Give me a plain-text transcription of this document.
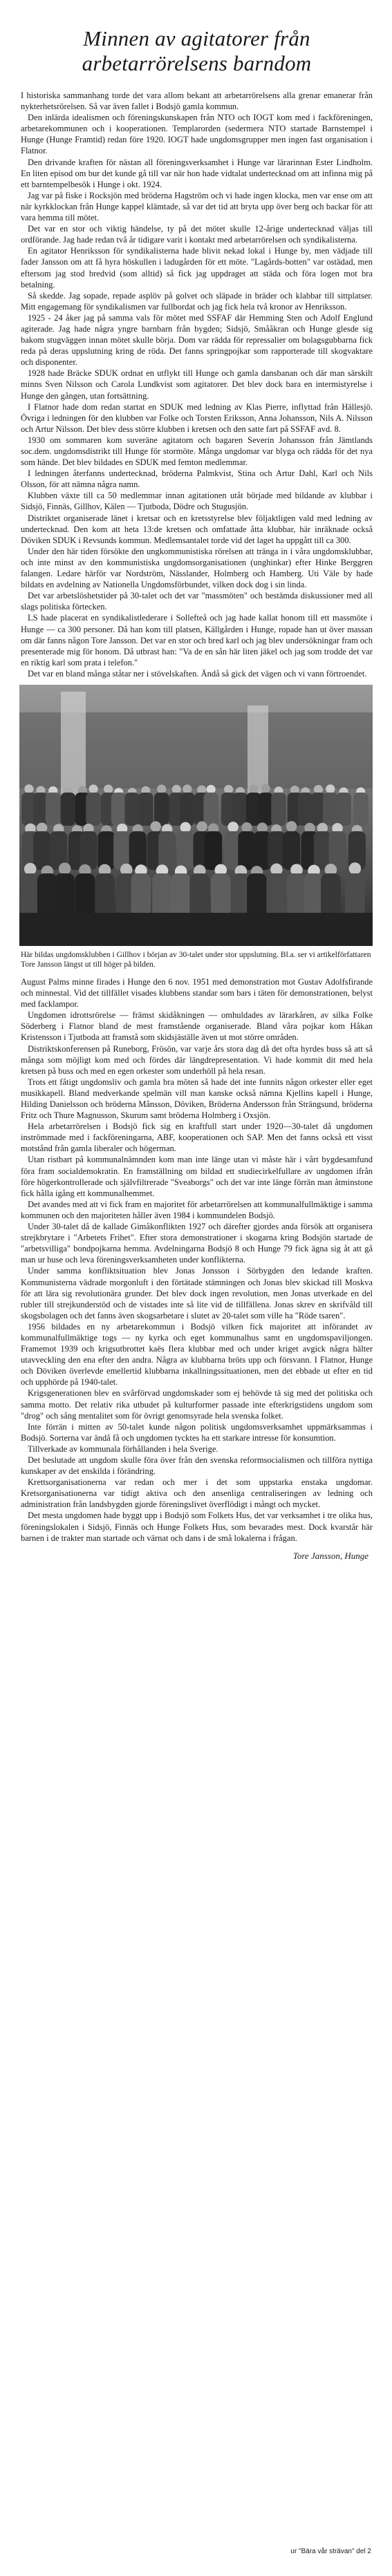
Minnen av agitatorer från
arbetarrörelsens barndom

I historiska sammanhang torde det vara allom bekant att arbetarrörelsens alla grenar emanerar från nykterhetsrörelsen. Så var även fallet i Bodsjö gamla kommun.

Den inlärda idealismen och föreningskunskapen från NTO och IOGT kom med i fackföreningen, arbetarekommunen och i kooperationen. Templarorden (sedermera NTO startade Barnstempel i Hunge (Hunge Framtid) redan före 1920. IOGT hade ungdomsgrupper men ingen fast organisation i Flatnor.

Den drivande kraften för nästan all föreningsverksamhet i Hunge var lärarinnan Ester Lindholm. En liten episod om bur det kunde gå till var när hon hade vidtalat undertecknad om att infinna mig på ett barntempelbesök i Hunge i okt. 1924.

Jag var på fiske i Rocksjön med bröderna Hagström och vi hade ingen klocka, men var ense om att när kyrkklockan från Hunge kappel klämtade, så var det tid att bryta upp över berg och backar för att vara hemma till mötet.

Det var en stor och viktig händelse, ty på det mötet skulle 12-årige undertecknad väljas till ordförande. Jag hade redan två år tidigare varit i kontakt med arbetarrörelsen och syndikalisterna.

En agitator Henriksson för syndikalisterna hade blivit nekad lokal i Hunge by, men vädjade till fader Jansson om att få hyra höskullen i ladugården för ett möte. "Lagårds-botten" var ostädad, men eftersom jag stod bredvid (som alltid) så fick jag uppdraget att städa och föra logen mot bra betalning.

Så skedde. Jag sopade, repade asplöv på golvet och släpade in bräder och klabbar till sittplatser. Mitt engagemang för syndikalismen var fullbordat och jag fick hela två kronor av Henriksson.

1925 - 24 åker jag på samma vals för mötet med SSFAF där Hemming Sten och Adolf Englund agiterade. Jag hade några yngre barnbarn från bygden; Sidsjö, Smååkran och Hunge glesde sig bakom stugväggen innan mötet skulle börja. Dom var rädda för repressalier om bolagsgubbarna fick reda på deras uppslutning kring de röda. Det fanns springpojkar som rapporterade till skogvaktare och disponenter.

1928 hade Bräcke SDUK ordnat en utflykt till Hunge och gamla dansbanan och där man särskilt minns Sven Nilsson och Carola Lundkvist som agitatorer. Det blev dock bara en intermistyrelse i Hunge den gången, utan fortsättning.

I Flatnor hade dom redan startat en SDUK med ledning av Klas Pierre, inflyttad från Hällesjö. Övriga i ledningen för den klubben var Folke och Torsten Eriksson, Anna Johansson, Nils A. Nilsson och Artur Nilsson. Det blev dess större klubben i kretsen och den satte fart på SSFAF avd. 8.

1930 om sommaren kom suveräne agitatorn och bagaren Severin Johansson från Jämtlands soc.dem. ungdomsdistrikt till Hunge för stormöte. Många ungdomar var blyga och rädda för det nya som hände. Det blev bildades en SDUK med femton medlemmar.

I ledningen återfanns undertecknad, bröderna Palmkvist, Stina och Artur Dahl, Karl och Nils Olsson, för att nämna några namn.

Klubben växte till ca 50 medlemmar innan agitationen utåt började med bildande av klubbar i Sidsjö, Finnäs, Gillhov, Kälen — Tjutboda, Dödre och Stugusjön.

Distriktet organiserade länet i kretsar och en kretsstyrelse blev följaktligen vald med ledning av undertecknad. Den kom att heta 13:de kretsen och omfattade åtta klubbar, här inräknade också Döviken SDUK i Revsunds kommun. Medlemsantalet torde vid det laget ha uppgått till ca 300.

Under den här tiden försökte den ungkommunistiska rörelsen att tränga in i våra ungdomsklubbar, och inte minst av den kommunistiska ungdomsorganisationen (unghinkar) efter Hinke Berggren falangen. Ledare härför var Nordström, Nässlander, Holmberg och Hamberg. Uti Väle by hade bildats en avdelning av Nationella Ungdomsförbundet, vilken dock dog i sin linda.

Det var arbetslöshetstider på 30-talet och det var "massmöten" och bestämda diskussioner med all slags politiska förtecken.

LS hade placerat en syndikalistlederare i Sollefteå och jag hade kallat honom till ett massmöte i Hunge — ca 300 personer. Då han kom till platsen, Källgården i Hunge, ropade han ut över massan om där fanns någon Tore Jansson. Det var en stor och bred karl och jag blev undersökningar fram och presenterade mig för honom. Då utbrast han: "Va de en sån här liten jäkel och jag som trodde det var en riktig karl som prata i telefon."

Det var en bland många ståtar ner i stövelskaften. Ändå så gick det vägen och vi vann förtroendet.

Här bildas ungdomsklubben i Gillhov i början av 30-talet under stor uppslutning. Bl.a. ser vi artikelförfattaren Tore Jansson längst ut till höger på bilden.

August Palms minne firades i Hunge den 6 nov. 1951 med demonstration mot Gustav Adolfsfirande och minnestal. Vid det tillfället visades klubbens standar som bars i täten för demonstrationen, belyst med facklampor.

Ungdomen idrottsrörelse — främst skidåkningen — omhuldades av lärarkåren, av silka Folke Söderberg i Flatnor bland de mest framstående organiserade. Bland våra pojkar kom Håkan Kristensson i Tjutboda att framstå som skidsjäställe även ut mot större områden.

Distriktskonferensen på Runeborg, Frösön, var varje års stora dag då det ofta hyrdes buss så att så många som möjligt kom med och fördes där längdrepresentation. Vi hade kommit dit med hela kretsen på buss och med en egen orkester som underhöll på hela resan.

Trots ett fåtigt ungdomsliv och gamla bra möten så hade det inte funnits någon orkester eller eget musikkapell. Bland medverkande spelmän vill man kanske också nämna Kjellins kapell i Hunge, Hilding Danielsson och bröderna Månsson, Döviken, Bröderna Andersson från Strängsund, bröderna Fritz och Thure Magnusson, Skurum samt bröderna Holmberg i Oxsjön.

Hela arbetarrörelsen i Bodsjö fick sig en kraftfull start under 1920—30-talet då ungdomen inströmmade med i fackföreningarna, ABF, kooperationen och SAP. Men det fanns också ett visst motstånd från gamla liberaler och högerman.

Utan ristbart på kommunalnämnden kom man inte länge utan vi måste här i vårt bygdesamfund föra fram socialdemokratin. En framställning om bildad ett studiecirkelfullare av ungdomen ifrån före högerkontrollerade och självfiltrerade "Sveaborgs" och det var inte länge förrän man åtminstone fick hålla igång ett kommunalhemmet.

Det avandes med att vi fick fram en majoritet för arbetarrörelsen att kommunalfullmäktige i samma kommunen och den majoriteten håller även 1984 i kommundelen Bodsjö.

Under 30-talet då de kallade Gimåkonflikten 1927 och därefter gjordes anda försök att organisera strejkbrytare i "Arbetets Frihet". Efter stora demonstrationer i skogarna kring Bodsjön startade de "arbetsvilliga" bondpojkarna hemma. Avdelningarna Bodsjö 8 och Hunge 79 fick ägna sig åt att gå man ur huse och leva föreningsverksamheten under konflikterna.

Under samma konfliktsituation blev Jonas Jonsson i Sörbygden den ledande kraften. Kommunisterna vädrade morgonluft i den förtätade stämningen och Jonas blev skickad till Moskva för att lära sig revolutionära grunder. Det blev dock ingen revolution, men Jonas utverkade en del rubler till strejkunderstöd och de vistades inte så lite vid de tillfällena. Jonas skrev en skrifvåld till skogsbolagen och det fanns även skogsarbetare i slutet av 20-talet som ville ha "Röde tsaren".

1956 bildades en ny arbetarekommun i Bodsjö vilken fick majoritet att införandet av kommunalfullmäktige togs — ny kyrka och eget kommunalhus samt en ungdomspaviljongen. Framemot 1939 och krigsutbrottet kaës flera klubbar med och under kriget avgick några hälter utavveckling den ena efter den andra. Några av klubbarna bröts upp och försvann. I Flatnor, Hunge och Döviken överlevde emellertid klubbarna inkallningssituationen, men det ebbade ut efter en tid och upphörde på 1940-talet.

Krigsgenerationen blev en svårförvad ungdomskader som ej behövde tä sig med det politiska och samma motto. Det relativ rika utbudet på kulturformer passade inte efterkrigstidens ungdom som "drog" och sång mentalitet som för övrigt genomsyrade hela svenska folket.

Inte förrän i mitten av 50-talet kunde någon politisk ungdomsverksamhet uppmärksammas i Bodsjö. Sorterna var ändå få och ungdomen tycktes ha ett starkare intresse för konsumtion.

Tillverkade av kommunala förhållanden i hela Sverige.

Det beslutade att ungdom skulle föra över från den svenska reformsocialismen och tillföra nyttiga kunskaper av det enskilda i förändring.

Krettsorganisationerna var redan och mer i det som uppstarka enstaka ungdomar. Kretsorganisationerna var tidigt aktiva och den ansenliga centraliseringen av ledning och administration från landsbygden gjorde föreningslivet överflödigt i mångt och mycket.

Det mesta ungdomen hade byggt upp i Bodsjö som Folkets Hus, det var verksamhet i tre olika hus, föreningslokalen i Sidsjö, Finnäs och Hunge Folkets Hus, som bevarades mest. Dock kvarstår här barnen i de trakter man startade och värnat och dans i de små lokalerna i frågan.

Tore Jansson, Hunge
ur "Bära vår strävan" del 2
